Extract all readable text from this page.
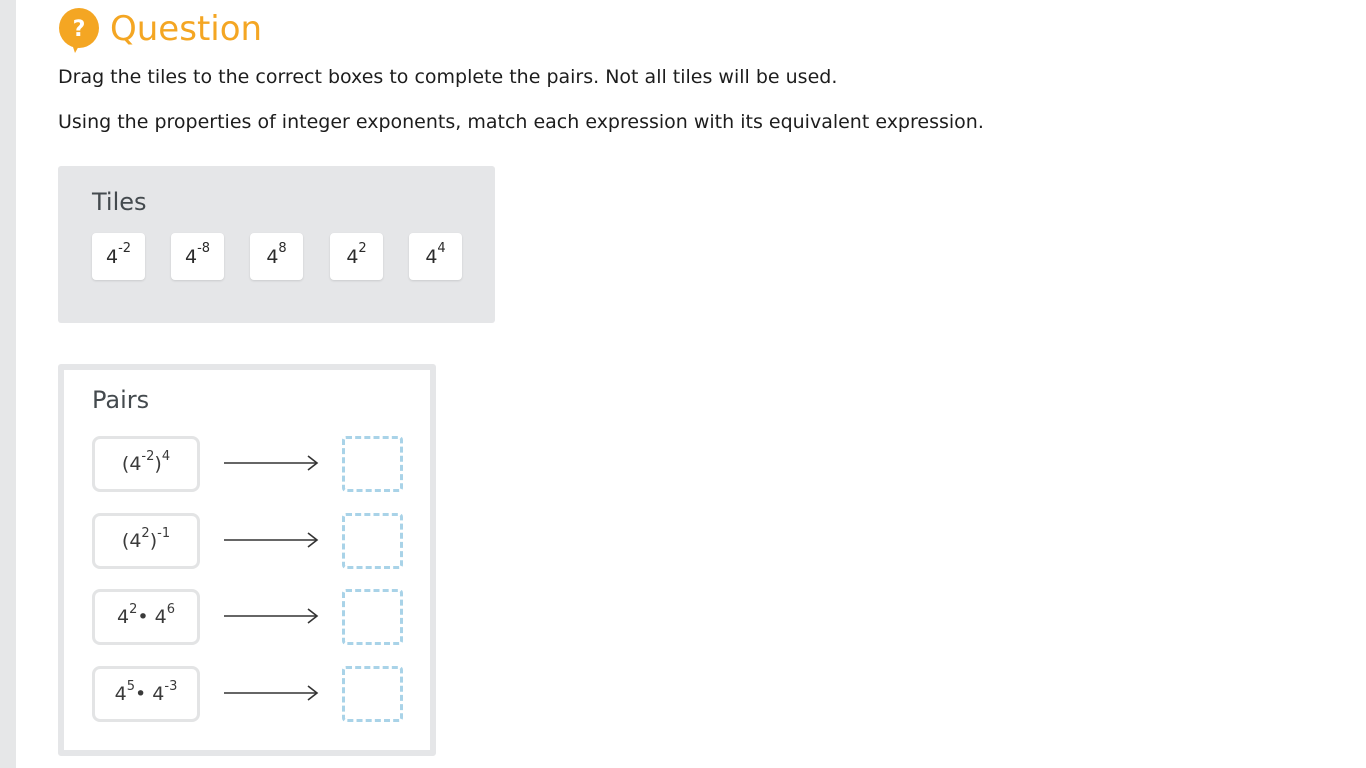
? Question
Drag the tiles to the correct boxes to complete the pairs. Not all tiles will be used.
Using the properties of integer exponents, match each expression with its equivalent expression.
Tiles
$4^{-2}$	$4^{-8}$	$4^8$	$4^2$	$4^4$
Pairs
($4^{-2}$ )$^4$
($4^2$ )$^{-1}$
$4^2$ • $4^6$
$4^5$ • $4^{-3}$
